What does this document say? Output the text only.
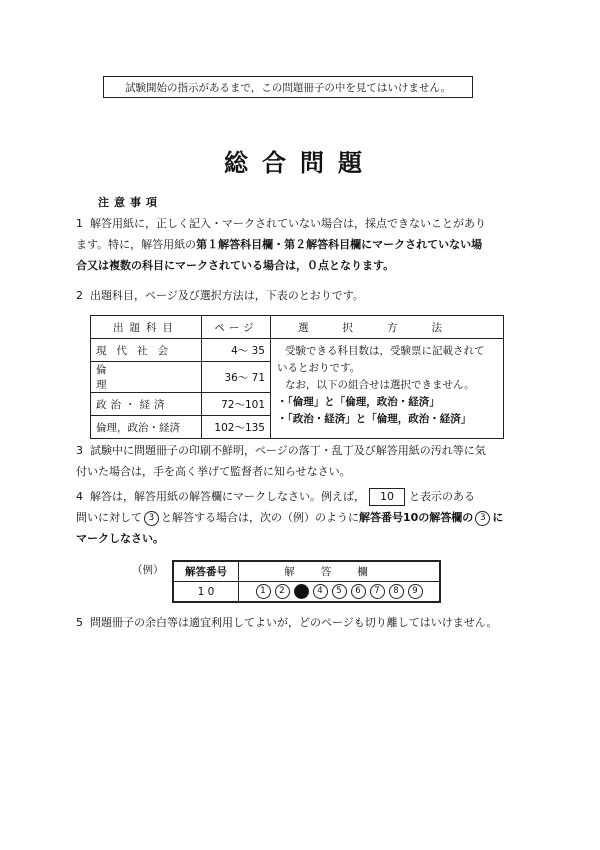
試験開始の指示があるまで，この問題冊子の中を見てはいけません。
総合問題
注意事項
1 解答用紙に，正しく記入・マークされていない場合は，採点できないことがあり
ます。特に，解答用紙の第１解答科目欄・第２解答科目欄にマークされていない場
合又は複数の科目にマークされている場合は，０点となります。
2 出題科目，ページ及び選択方法は，下表のとおりです。
出題科目	ページ	選択方法
現代社会	4～ 35	受験できる科目数は，受験票に記載されて
いるとおりです。
なお，以下の組合せは選択できません。
・「倫理」と「倫理，政治・経済」
・「政治・経済」と「倫理，政治・経済」

倫理	36～ 71	
政治・経済	72～101	
倫理，政治・経済	102～135	
3 試験中に問題冊子の印刷不鮮明，ページの落丁・乱丁及び解答用紙の汚れ等に気
付いた場合は，手を高く挙げて監督者に知らせなさい。
4 解答は，解答用紙の解答欄にマークしなさい。例えば， 10 と表示のある
問いに対して 3 と解答する場合は，次の（例）のように解答番号10の解答欄の 3 に
マークしなさい。
（例） 解答番号	解答欄
1 0	1 2 3 4 5 6 7 8 9
5 問題冊子の余白等は適宜利用してよいが，どのページも切り離してはいけません。
